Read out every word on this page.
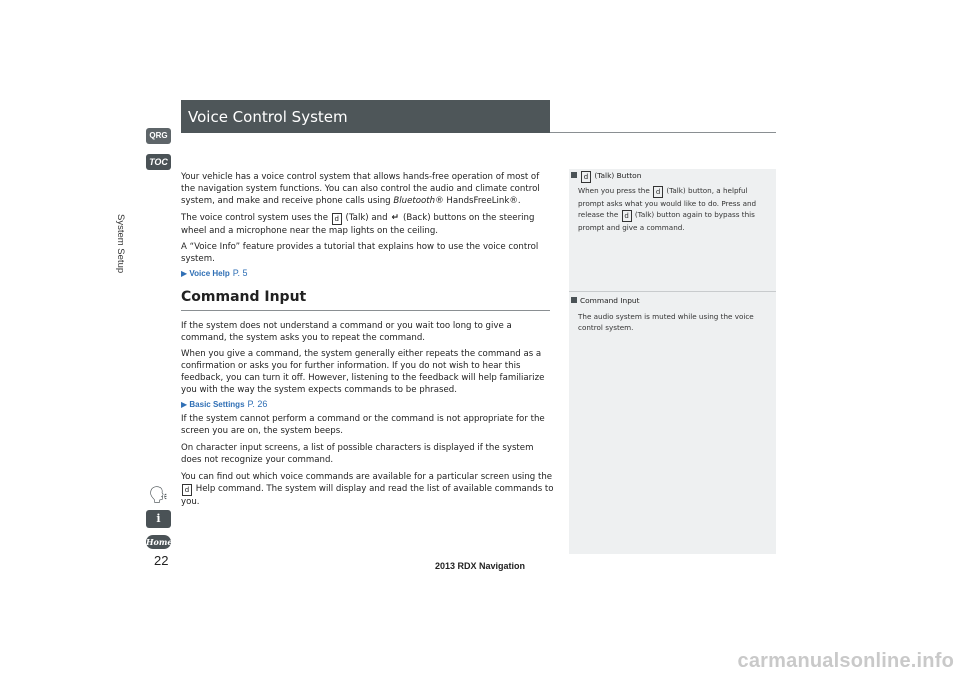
QRG
TOC
System Setup
🗣
i
Home
22
Voice Control System
Your vehicle has a voice control system that allows hands-free operation of most of the navigation system functions. You can also control the audio and climate control system, and make and receive phone calls using Bluetooth® HandsFreeLink®.
The voice control system uses the d (Talk) and ↵ (Back) buttons on the steering wheel and a microphone near the map lights on the ceiling.
A “Voice Info” feature provides a tutorial that explains how to use the voice control system.
▶ Voice Help P. 5
Command Input
If the system does not understand a command or you wait too long to give a command, the system asks you to repeat the command.
When you give a command, the system generally either repeats the command as a confirmation or asks you for further information. If you do not wish to hear this feedback, you can turn it off. However, listening to the feedback will help familiarize you with the way the system expects commands to be phrased.
▶ Basic Settings P. 26
If the system cannot perform a command or the command is not appropriate for the screen you are on, the system beeps.
On character input screens, a list of possible characters is displayed if the system does not recognize your command.
You can find out which voice commands are available for a particular screen using the d Help command. The system will display and read the list of available commands to you.
d (Talk) Button
When you press the d (Talk) button, a helpful prompt asks what you would like to do. Press and release the d (Talk) button again to bypass this prompt and give a command.
Command Input
The audio system is muted while using the voice control system.
2013 RDX Navigation
carmanualsonline.info
